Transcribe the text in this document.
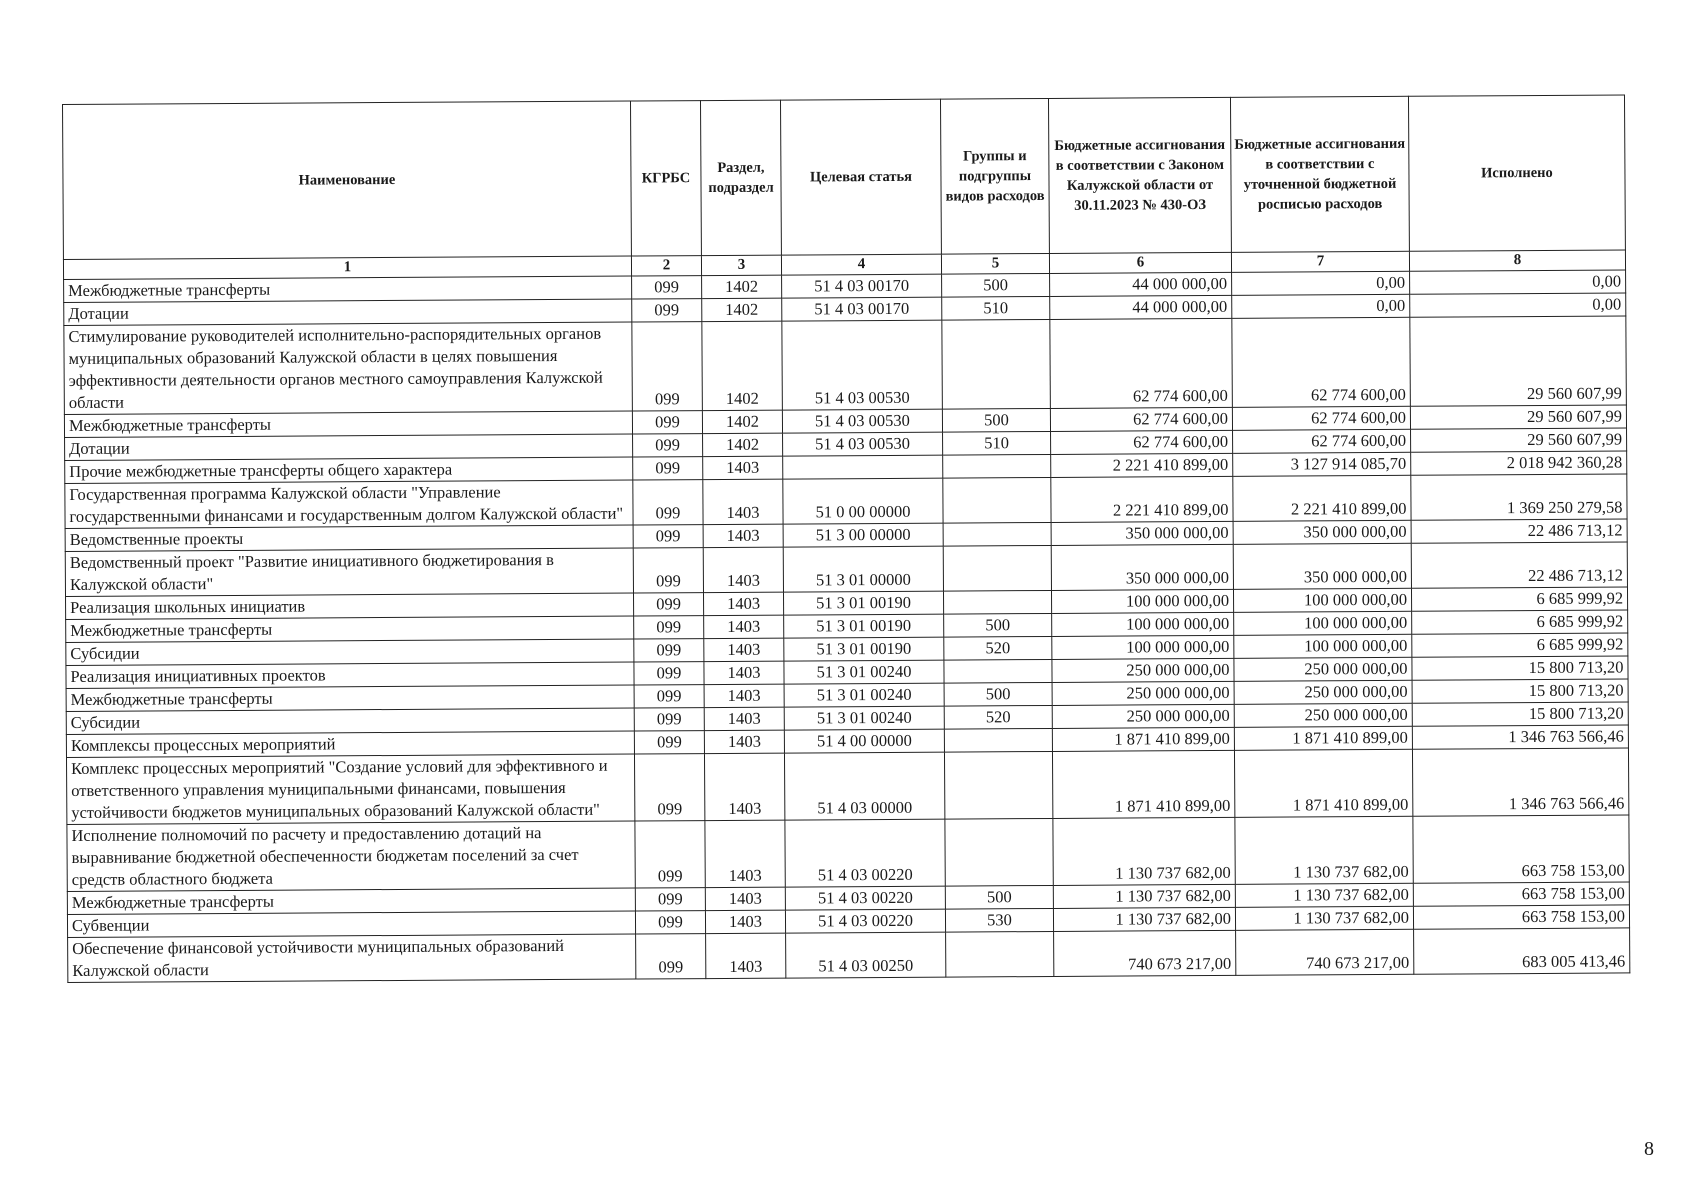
Наименование	КГРБС	Раздел, подраздел	Целевая статья	Группы и подгруппы видов расходов	Бюджетные ассигнования в соответствии с Законом Калужской области от 30.11.2023 № 430-ОЗ	Бюджетные ассигнования в соответствии с уточненной бюджетной росписью расходов	Исполнено
1	2	3	4	5	6	7	8
Межбюджетные трансферты	099	1402	51 4 03 00170	500	44 000 000,00	0,00	0,00
Дотации	099	1402	51 4 03 00170	510	44 000 000,00	0,00	0,00
Стимулирование руководителей исполнительно-распорядительных органов муниципальных образований Калужской области в целях повышения эффективности деятельности органов местного самоуправления Калужской области	099	1402	51 4 03 00530		62 774 600,00	62 774 600,00	29 560 607,99
Межбюджетные трансферты	099	1402	51 4 03 00530	500	62 774 600,00	62 774 600,00	29 560 607,99
Дотации	099	1402	51 4 03 00530	510	62 774 600,00	62 774 600,00	29 560 607,99
Прочие межбюджетные трансферты общего характера	099	1403			2 221 410 899,00	3 127 914 085,70	2 018 942 360,28
Государственная программа Калужской области "Управление государственными финансами и государственным долгом Калужской области"	099	1403	51 0 00 00000		2 221 410 899,00	2 221 410 899,00	1 369 250 279,58
Ведомственные проекты	099	1403	51 3 00 00000		350 000 000,00	350 000 000,00	22 486 713,12
Ведомственный проект "Развитие инициативного бюджетирования в Калужской области"	099	1403	51 3 01 00000		350 000 000,00	350 000 000,00	22 486 713,12
Реализация школьных инициатив	099	1403	51 3 01 00190		100 000 000,00	100 000 000,00	6 685 999,92
Межбюджетные трансферты	099	1403	51 3 01 00190	500	100 000 000,00	100 000 000,00	6 685 999,92
Субсидии	099	1403	51 3 01 00190	520	100 000 000,00	100 000 000,00	6 685 999,92
Реализация инициативных проектов	099	1403	51 3 01 00240		250 000 000,00	250 000 000,00	15 800 713,20
Межбюджетные трансферты	099	1403	51 3 01 00240	500	250 000 000,00	250 000 000,00	15 800 713,20
Субсидии	099	1403	51 3 01 00240	520	250 000 000,00	250 000 000,00	15 800 713,20
Комплексы процессных мероприятий	099	1403	51 4 00 00000		1 871 410 899,00	1 871 410 899,00	1 346 763 566,46
Комплекс процессных мероприятий "Создание условий для эффективного и ответственного управления муниципальными финансами, повышения устойчивости бюджетов муниципальных образований Калужской области"	099	1403	51 4 03 00000		1 871 410 899,00	1 871 410 899,00	1 346 763 566,46
Исполнение полномочий по расчету и предоставлению дотаций на выравнивание бюджетной обеспеченности бюджетам поселений за счет средств областного бюджета	099	1403	51 4 03 00220		1 130 737 682,00	1 130 737 682,00	663 758 153,00
Межбюджетные трансферты	099	1403	51 4 03 00220	500	1 130 737 682,00	1 130 737 682,00	663 758 153,00
Субвенции	099	1403	51 4 03 00220	530	1 130 737 682,00	1 130 737 682,00	663 758 153,00
Обеспечение финансовой устойчивости муниципальных образований Калужской области	099	1403	51 4 03 00250		740 673 217,00	740 673 217,00	683 005 413,46
8
